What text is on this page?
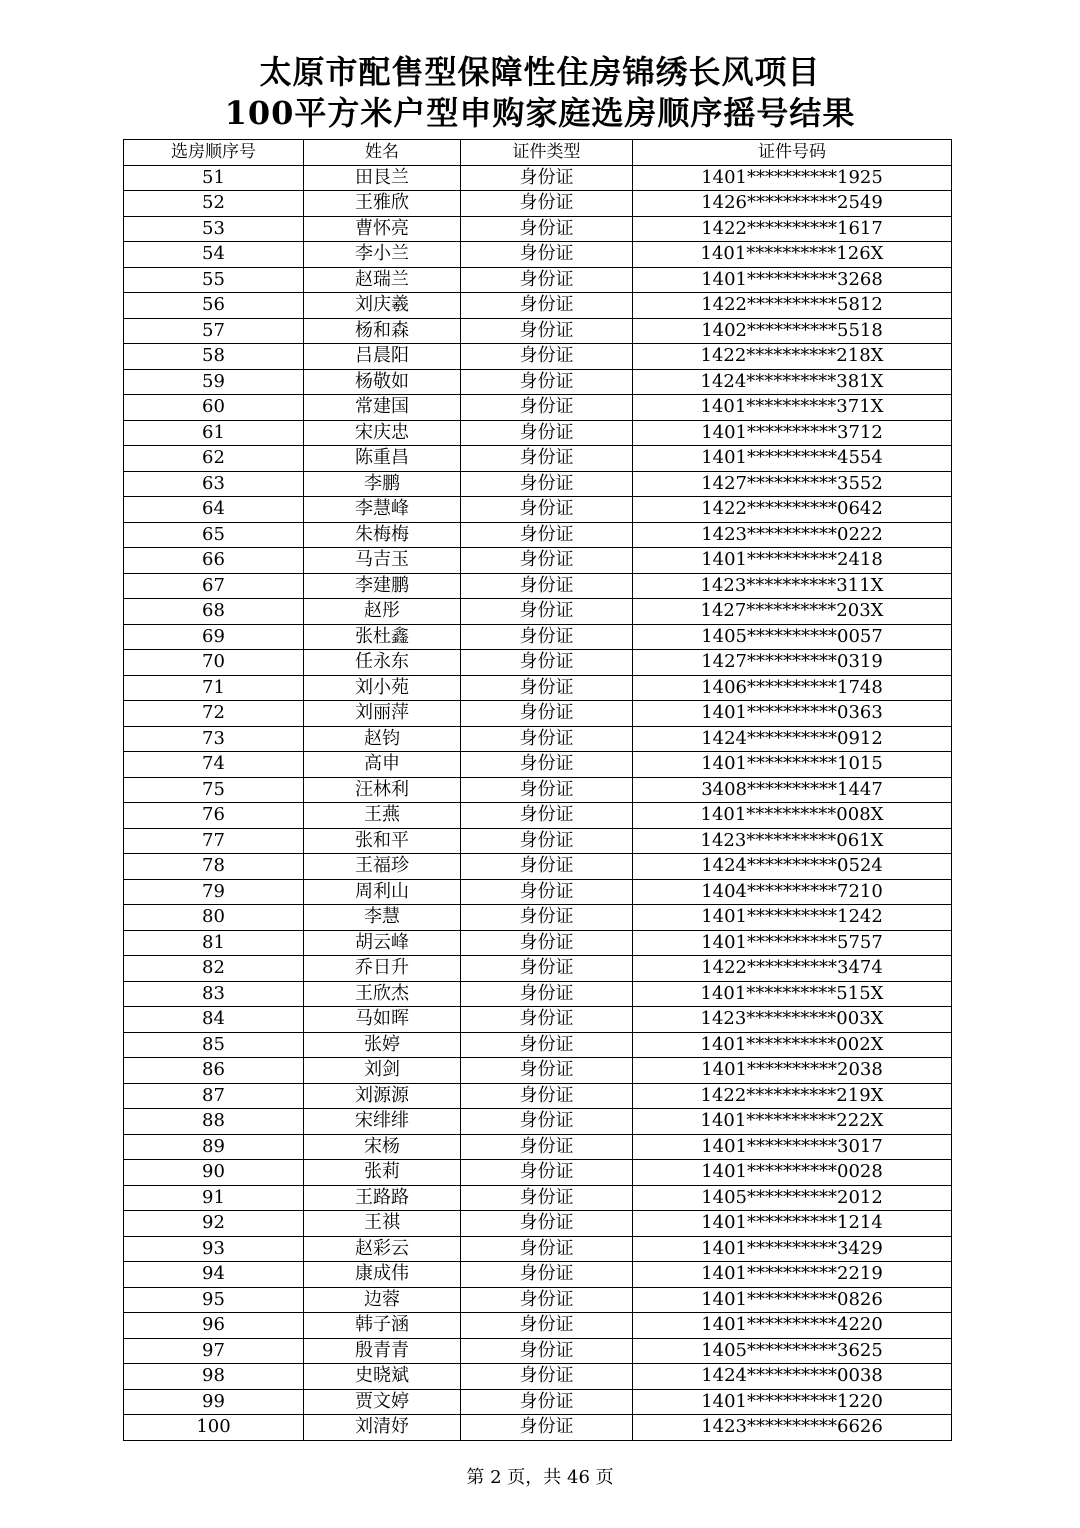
太原市配售型保障性住房锦绣长风项目
100平方米户型申购家庭选房顺序摇号结果
选房顺序号	姓名	证件类型	证件号码
51	田艮兰	身份证	1401**********1925
52	王雅欣	身份证	1426**********2549
53	曹怀亮	身份证	1422**********1617
54	李小兰	身份证	1401**********126X
55	赵瑞兰	身份证	1401**********3268
56	刘庆羲	身份证	1422**********5812
57	杨和森	身份证	1402**********5518
58	吕晨阳	身份证	1422**********218X
59	杨敬如	身份证	1424**********381X
60	常建国	身份证	1401**********371X
61	宋庆忠	身份证	1401**********3712
62	陈重昌	身份证	1401**********4554
63	李鹏	身份证	1427**********3552
64	李慧峰	身份证	1422**********0642
65	朱梅梅	身份证	1423**********0222
66	马吉玉	身份证	1401**********2418
67	李建鹏	身份证	1423**********311X
68	赵彤	身份证	1427**********203X
69	张杜鑫	身份证	1405**********0057
70	任永东	身份证	1427**********0319
71	刘小苑	身份证	1406**********1748
72	刘丽萍	身份证	1401**********0363
73	赵钧	身份证	1424**********0912
74	高申	身份证	1401**********1015
75	汪林利	身份证	3408**********1447
76	王燕	身份证	1401**********008X
77	张和平	身份证	1423**********061X
78	王福珍	身份证	1424**********0524
79	周利山	身份证	1404**********7210
80	李慧	身份证	1401**********1242
81	胡云峰	身份证	1401**********5757
82	乔日升	身份证	1422**********3474
83	王欣杰	身份证	1401**********515X
84	马如晖	身份证	1423**********003X
85	张婷	身份证	1401**********002X
86	刘剑	身份证	1401**********2038
87	刘源源	身份证	1422**********219X
88	宋绯绯	身份证	1401**********222X
89	宋杨	身份证	1401**********3017
90	张莉	身份证	1401**********0028
91	王路路	身份证	1405**********2012
92	王祺	身份证	1401**********1214
93	赵彩云	身份证	1401**********3429
94	康成伟	身份证	1401**********2219
95	边蓉	身份证	1401**********0826
96	韩子涵	身份证	1401**********4220
97	殷青青	身份证	1405**********3625
98	史晓斌	身份证	1424**********0038
99	贾文婷	身份证	1401**********1220
100	刘清妤	身份证	1423**********6626
第 2 页，共 46 页
